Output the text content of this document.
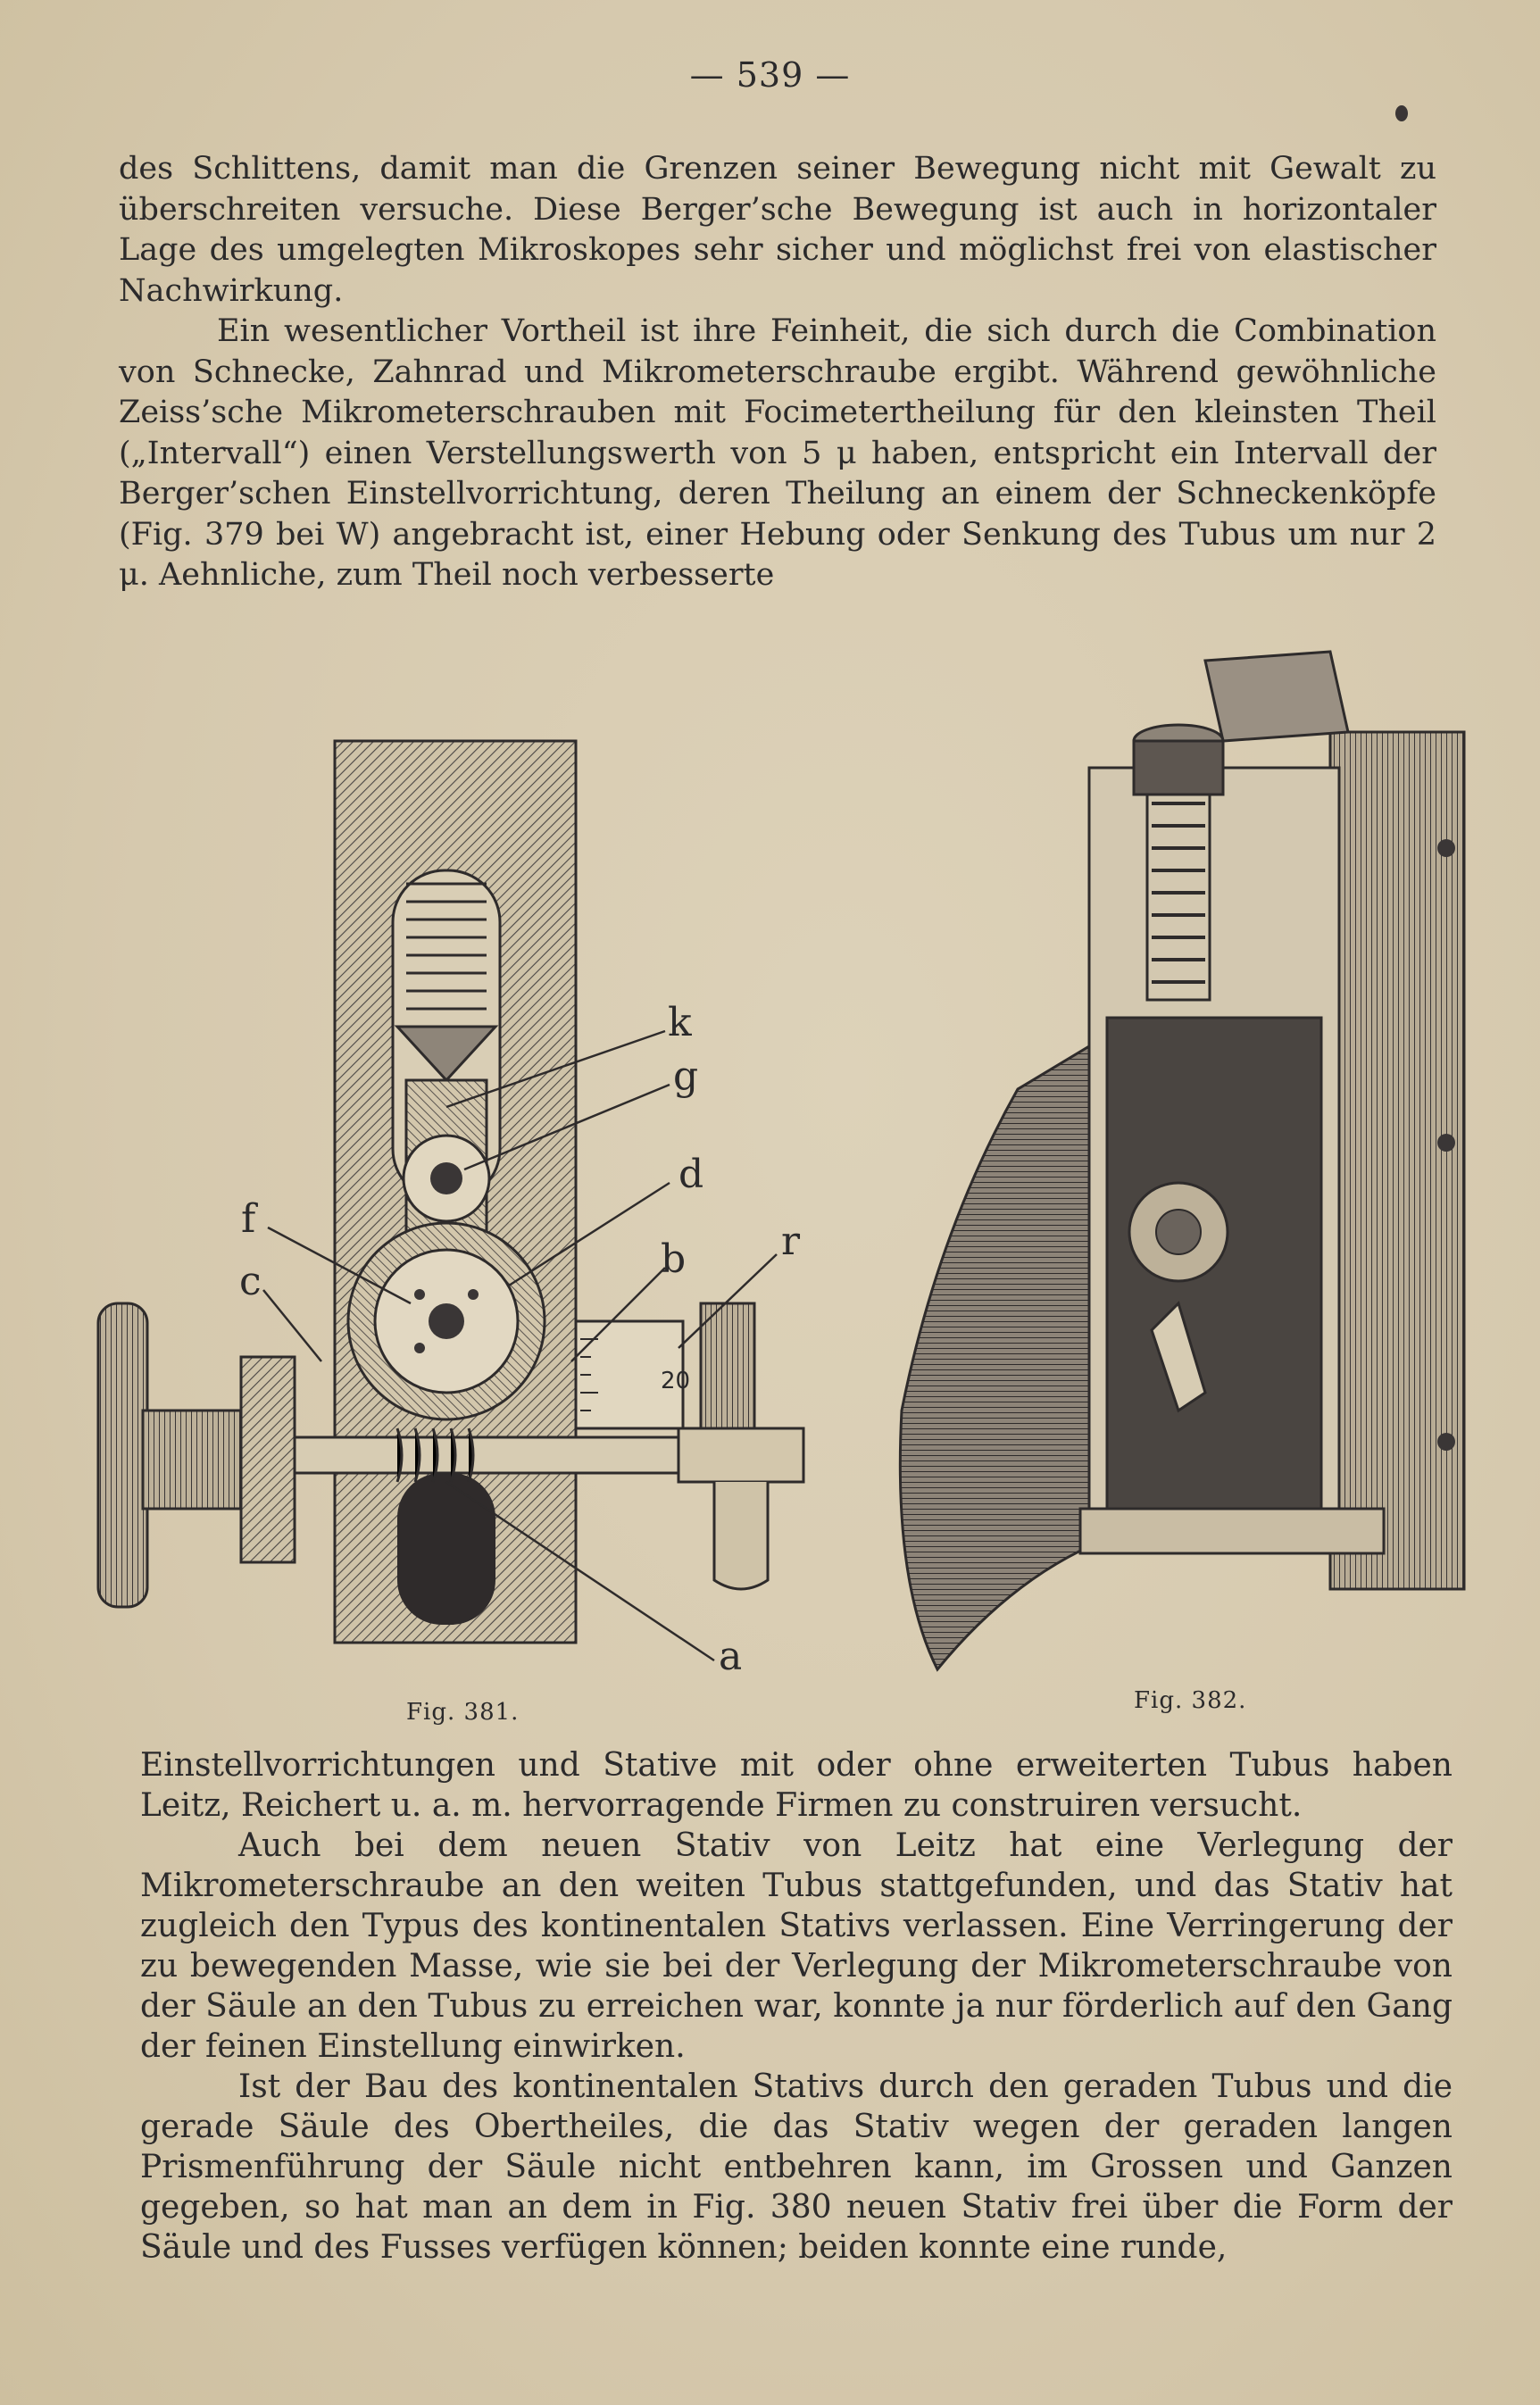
— 539 —

des Schlittens, damit man die Grenzen seiner Bewegung nicht mit Gewalt zu überschreiten versuche. Diese Berger’sche Bewegung ist auch in horizontaler Lage des umgelegten Mikroskopes sehr sicher und möglichst frei von elastischer Nachwirkung.

Ein wesentlicher Vortheil ist ihre Feinheit, die sich durch die Combination von Schnecke, Zahnrad und Mikrometerschraube ergibt. Während gewöhnliche Zeiss’sche Mikrometerschrauben mit Focimetertheilung für den kleinsten Theil („Intervall“) einen Verstellungswerth von 5 μ haben, entspricht ein Intervall der Berger’schen Einstellvorrichtung, deren Theilung an einem der Schneckenköpfe (Fig. 379 bei W) angebracht ist, einer Hebung oder Senkung des Tubus um nur 2 μ. Aehnliche, zum Theil noch verbesserte

20
k
g
d
f
c	b r
a
Fig. 381.	Fig. 382.

Einstellvorrichtungen und Stative mit oder ohne erweiterten Tubus haben Leitz, Reichert u. a. m. hervorragende Firmen zu construiren versucht.

Auch bei dem neuen Stativ von Leitz hat eine Verlegung der Mikrometerschraube an den weiten Tubus stattgefunden, und das Stativ hat zugleich den Typus des kontinentalen Stativs verlassen. Eine Verringerung der zu bewegenden Masse, wie sie bei der Verlegung der Mikrometerschraube von der Säule an den Tubus zu erreichen war, konnte ja nur förderlich auf den Gang der feinen Einstellung einwirken.

Ist der Bau des kontinentalen Stativs durch den geraden Tubus und die gerade Säule des Obertheiles, die das Stativ wegen der geraden langen Prismenführung der Säule nicht entbehren kann, im Grossen und Ganzen gegeben, so hat man an dem in Fig. 380 neuen Stativ frei über die Form der Säule und des Fusses verfügen können; beiden konnte eine runde,
